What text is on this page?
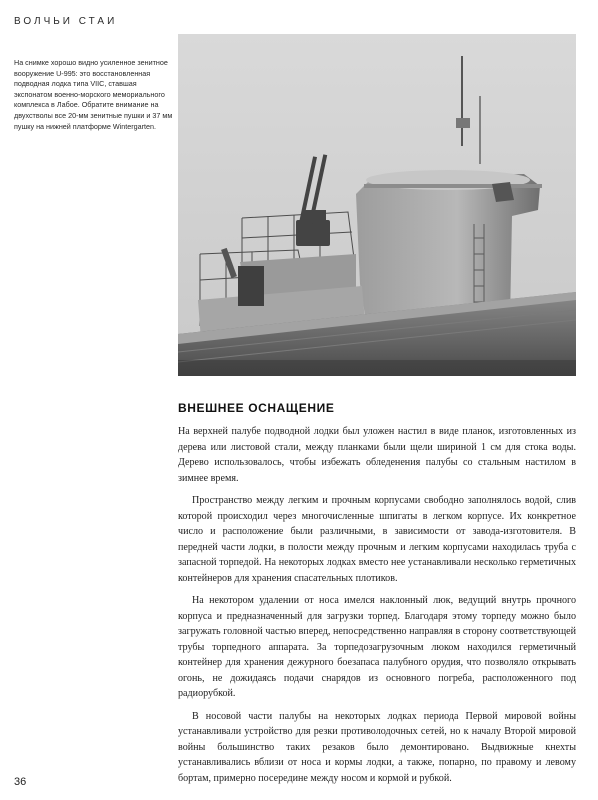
ВОЛЧЬИ СТАИ
На снимке хорошо видно усиленное зенитное вооружение U-995: это восстановленная подводная лодка типа VIIC, ставшая экспонатом военно-морского мемориального комплекса в Лабое. Обратите внимание на двухстволы все 20-мм зенитные пушки и 37 мм пушку на нижней платформе Wintergarten.
ВНЕШНЕЕ ОСНАЩЕНИЕ

На верхней палубе подводной лодки был уложен настил в виде планок, изготовленных из дерева или листовой стали, между планками были щели шириной 1 см для стока воды. Дерево использовалось, чтобы избежать обледенения палубы со стальным настилом в зимнее время.

Пространство между легким и прочным корпусами свободно заполнялось водой, слив которой происходил через многочисленные шпигаты в легком корпусе. Их конкретное число и расположение были различными, в зависимости от завода-изготовителя. В передней части лодки, в полости между прочным и легким корпусами находилась труба с запасной торпедой. На некоторых лодках вместо нее устанавливали несколько герметичных контейнеров для хранения спасательных плотиков.

На некотором удалении от носа имелся наклонный люк, ведущий внутрь прочного корпуса и предназначенный для загрузки торпед. Благодаря этому торпеду можно было загружать головной частью вперед, непосредственно направляя в сторону соответствующей трубы торпедного аппарата. За торпедозагрузочным люком находился герметичный контейнер для хранения дежурного боезапаса палубного орудия, что позволяло открывать огонь, не дожидаясь подачи снарядов из основного погреба, расположенного под радиорубкой.

В носовой части палубы на некоторых лодках периода Первой мировой войны устанавливали устройство для резки противолодочных сетей, но к началу Второй мировой войны большинство таких резаков было демонтировано. Выдвижные кнехты устанавливались вблизи от носа и кормы лодки, а также, попарно, по правому и левому бортам, примерно посередине между носом и кормой и рубкой.

36
